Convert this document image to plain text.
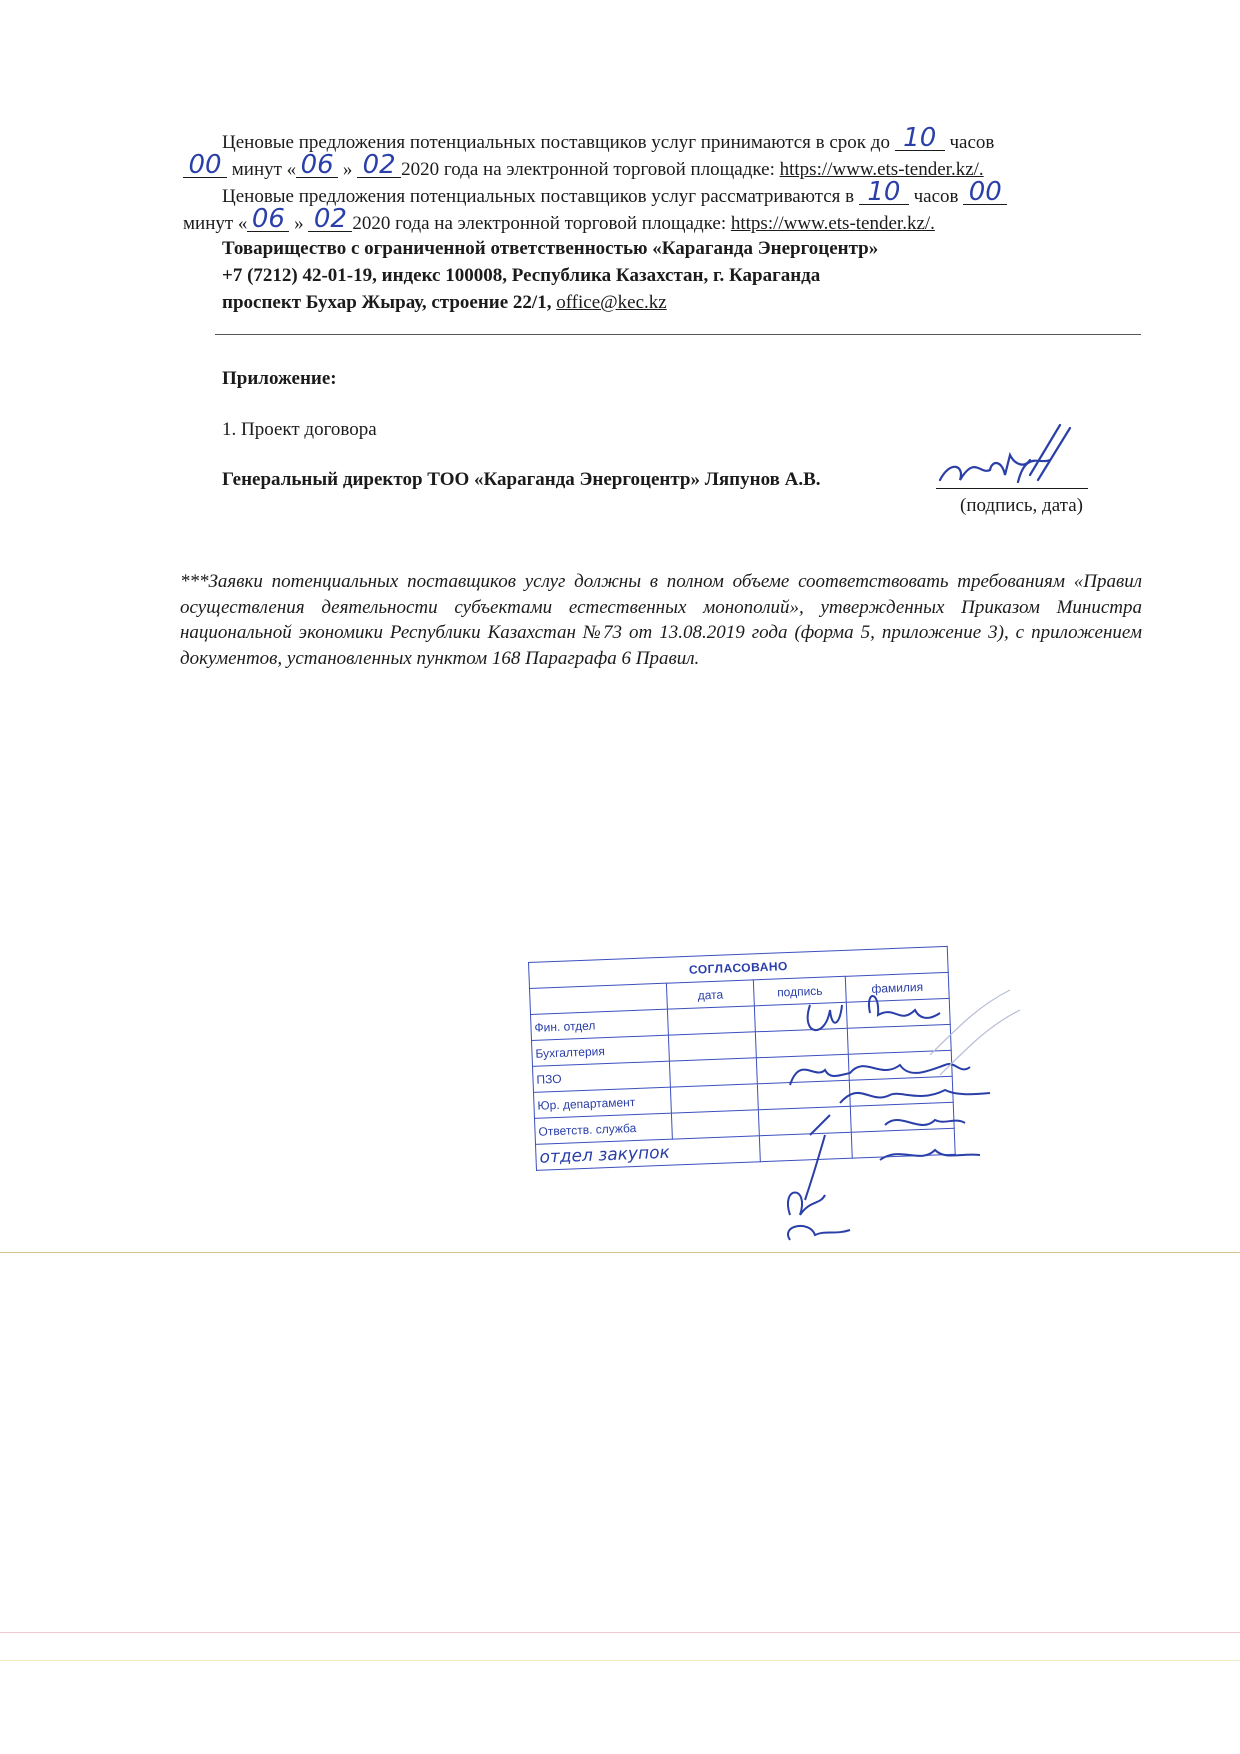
Ценовые предложения потенциальных поставщиков услуг принимаются в срок до 10 часов
00 минут « 06 » 02 2020 года на электронной торговой площадке: https://www.ets-tender.kz/.
Ценовые предложения потенциальных поставщиков услуг рассматриваются в 10 часов 00
минут « 06 » 02 2020 года на электронной торговой площадке: https://www.ets-tender.kz/.
Товарищество с ограниченной ответственностью «Караганда Энергоцентр»
+7 (7212) 42-01-19, индекс 100008, Республика Казахстан, г. Караганда
проспект Бухар Жырау, строение 22/1, office@kec.kz
Приложение:
1. Проект договора
Генеральный директор ТОО «Караганда Энергоцентр» Ляпунов А.В.
(подпись, дата)
***Заявки потенциальных поставщиков услуг должны в полном объеме соответствовать требованиям «Правил осуществления деятельности субъектами естественных монополий», утвержденных Приказом Министра национальной экономики Республики Казахстан №73 от 13.08.2019 года (форма 5, приложение 3), с приложением документов, установленных пунктом 168 Параграфа 6 Правил.
СОГЛАСОВАНО			
	дата	подпись	фамилия
Фин. отдел			
Бухгалтерия			
ПЗО			
Юр. департамент			
Ответств. служба			
отдел закупок			
